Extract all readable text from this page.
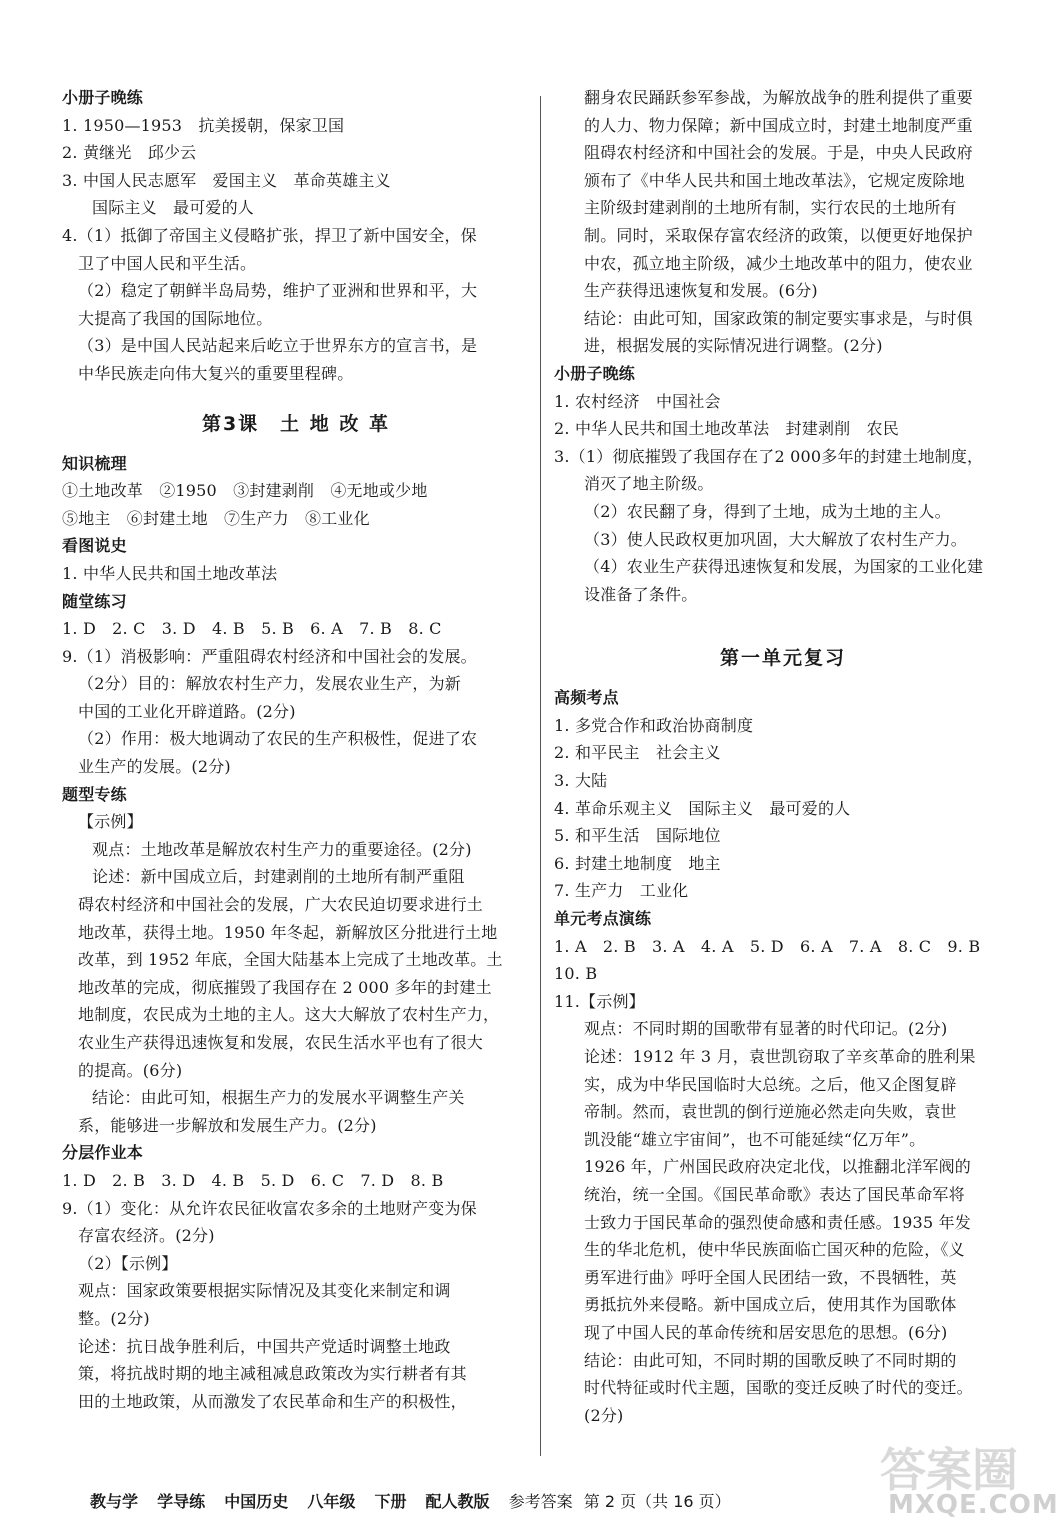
小册子晚练
1. 1950—1953　抗美援朝，保家卫国
2. 黄继光　邱少云
3. 中国人民志愿军　爱国主义　革命英雄主义
国际主义　最可爱的人
4.（1）抵御了帝国主义侵略扩张，捍卫了新中国安全，保
卫了中国人民和平生活。
（2）稳定了朝鲜半岛局势，维护了亚洲和世界和平，大
大提高了我国的国际地位。
（3）是中国人民站起来后屹立于世界东方的宣言书，是
中华民族走向伟大复兴的重要里程碑。
第3课　土 地 改 革
知识梳理
①土地改革　②1950　③封建剥削　④无地或少地
⑤地主　⑥封建土地　⑦生产力　⑧工业化
看图说史
1. 中华人民共和国土地改革法
随堂练习
1. D　2. C　3. D　4. B　5. B　6. A　7. B　8. C
9.（1）消极影响：严重阻碍农村经济和中国社会的发展。
（2分）目的：解放农村生产力，发展农业生产，为新
中国的工业化开辟道路。(2分)
（2）作用：极大地调动了农民的生产积极性，促进了农
业生产的发展。(2分)
题型专练
【示例】
观点：土地改革是解放农村生产力的重要途径。(2分)
论述：新中国成立后，封建剥削的土地所有制严重阻
碍农村经济和中国社会的发展，广大农民迫切要求进行土
地改革，获得土地。1950 年冬起，新解放区分批进行土地
改革，到 1952 年底，全国大陆基本上完成了土地改革。土
地改革的完成，彻底摧毁了我国存在 2 000 多年的封建土
地制度，农民成为土地的主人。这大大解放了农村生产力，
农业生产获得迅速恢复和发展，农民生活水平也有了很大
的提高。(6分)
结论：由此可知，根据生产力的发展水平调整生产关
系，能够进一步解放和发展生产力。(2分)
分层作业本
1. D　2. B　3. D　4. B　5. D　6. C　7. D　8. B
9.（1）变化：从允许农民征收富农多余的土地财产变为保
存富农经济。(2分)
（2）【示例】
观点：国家政策要根据实际情况及其变化来制定和调
整。(2分)
论述：抗日战争胜利后，中国共产党适时调整土地政
策，将抗战时期的地主减租减息政策改为实行耕者有其
田的土地政策，从而激发了农民革命和生产的积极性，
翻身农民踊跃参军参战，为解放战争的胜利提供了重要
的人力、物力保障；新中国成立时，封建土地制度严重
阻碍农村经济和中国社会的发展。于是，中央人民政府
颁布了《中华人民共和国土地改革法》，它规定废除地
主阶级封建剥削的土地所有制，实行农民的土地所有
制。同时，采取保存富农经济的政策，以便更好地保护
中农，孤立地主阶级，减少土地改革中的阻力，使农业
生产获得迅速恢复和发展。(6分)
结论：由此可知，国家政策的制定要实事求是，与时俱
进，根据发展的实际情况进行调整。(2分)
小册子晚练
1. 农村经济　中国社会
2. 中华人民共和国土地改革法　封建剥削　农民
3.（1）彻底摧毁了我国存在了2 000多年的封建土地制度，
消灭了地主阶级。
（2）农民翻了身，得到了土地，成为土地的主人。
（3）使人民政权更加巩固，大大解放了农村生产力。
（4）农业生产获得迅速恢复和发展，为国家的工业化建
设准备了条件。
第一单元复习
高频考点
1. 多党合作和政治协商制度
2. 和平民主　社会主义
3. 大陆
4. 革命乐观主义　国际主义　最可爱的人
5. 和平生活　国际地位
6. 封建土地制度　地主
7. 生产力　工业化
单元考点演练
1. A　2. B　3. A　4. A　5. D　6. A　7. A　8. C　9. B
10. B
11.【示例】
观点：不同时期的国歌带有显著的时代印记。(2分)
论述：1912 年 3 月，袁世凯窃取了辛亥革命的胜利果
实，成为中华民国临时大总统。之后，他又企图复辟
帝制。然而，袁世凯的倒行逆施必然走向失败，袁世
凯没能“雄立宇宙间”，也不可能延续“亿万年”。
1926 年，广州国民政府决定北伐，以推翻北洋军阀的
统治，统一全国。《国民革命歌》表达了国民革命军将
士致力于国民革命的强烈使命感和责任感。1935 年发
生的华北危机，使中华民族面临亡国灭种的危险，《义
勇军进行曲》呼吁全国人民团结一致，不畏牺牲，英
勇抵抗外来侵略。新中国成立后，使用其作为国歌体
现了中国人民的革命传统和居安思危的思想。(6分)
结论：由此可知，不同时期的国歌反映了不同时期的
时代特征或时代主题，国歌的变迁反映了时代的变迁。
(2分)
教与学 学导练 中国历史 八年级 下册 配人教版 参考答案 第 2 页（共 16 页）
答案圈
MXQE.COM
